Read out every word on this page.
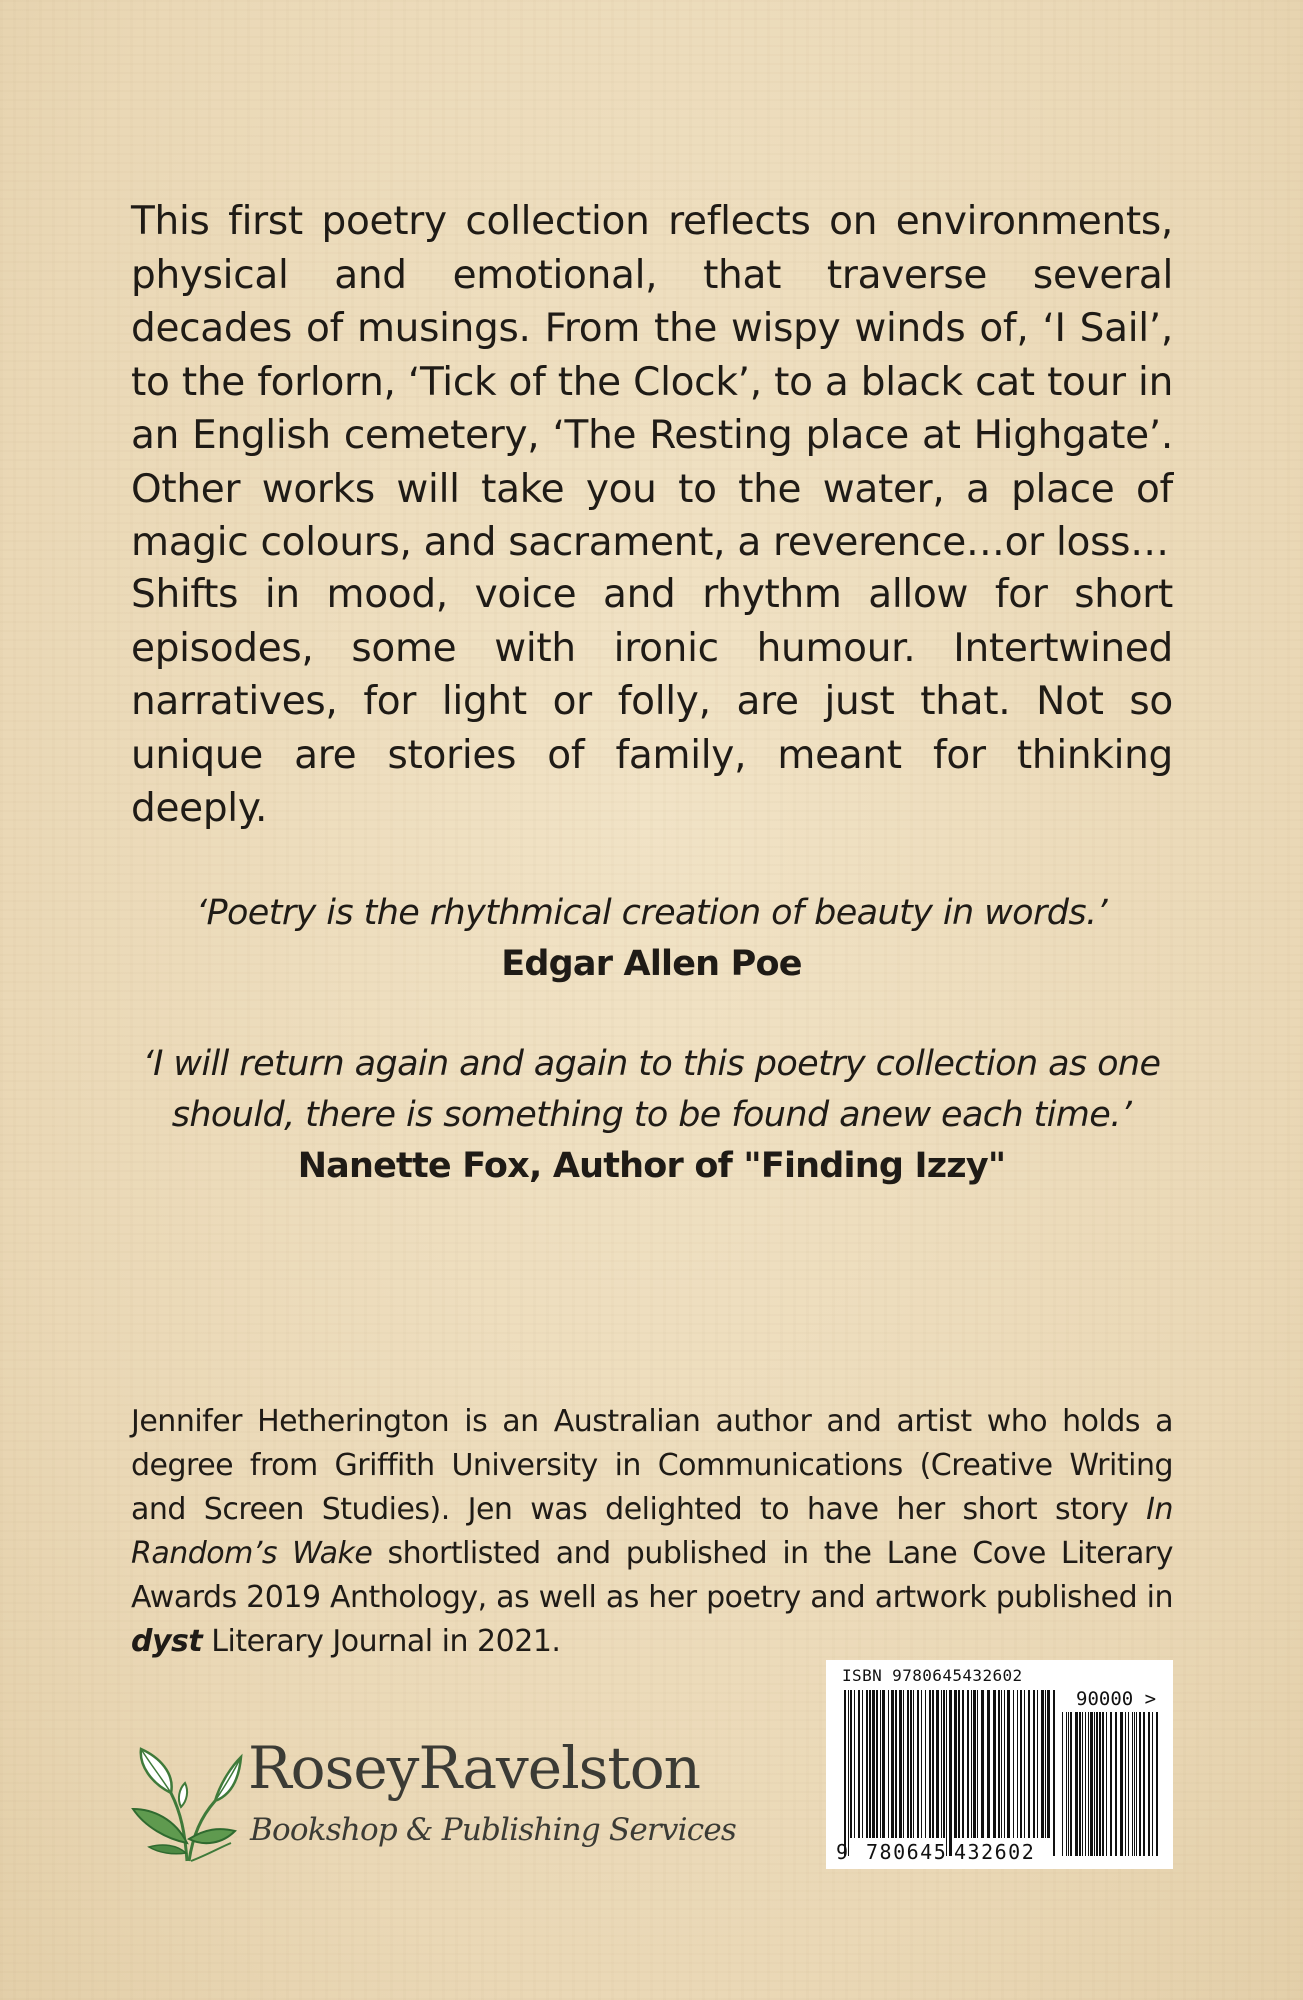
This first poetry collection reflects on environments, physical and emotional, that traverse several decades of musings. From the wispy winds of, ‘I Sail’, to the forlorn, ‘Tick of the Clock’, to a black cat tour in an English cemetery, ‘The Resting place at Highgate’. Other works will take you to the water, a place of magic colours, and sacrament, a reverence…or loss…

Shifts in mood, voice and rhythm allow for short episodes, some with ironic humour. Intertwined narratives, for light or folly, are just that. Not so unique are stories of family, meant for thinking deeply.

‘Poetry is the rhythmical creation of beauty in words.’

Edgar Allen Poe

‘I will return again and again to this poetry collection as one

should, there is something to be found anew each time.’

Nanette Fox, Author of "Finding Izzy"

Jennifer Hetherington is an Australian author and artist who holds a degree from Griffith University in Communications (Creative Writing and Screen Studies). Jen was delighted to have her short story In Random’s Wake shortlisted and published in the Lane Cove Literary Awards 2019 Anthology, as well as her poetry and artwork published in dyst Literary Journal in 2021.

RoseyRavelston

Bookshop & Publishing Services

ISBN 9780645432602

90000 >

9 780645 432602
